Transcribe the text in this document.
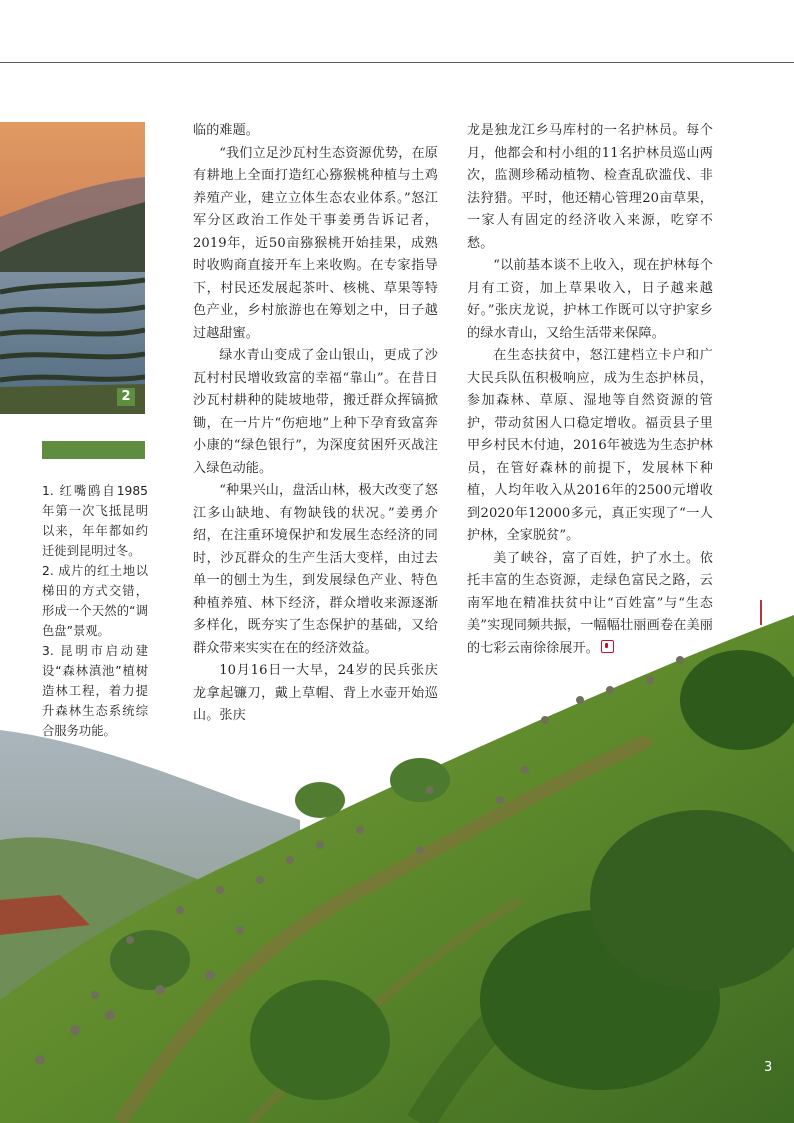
2
1. 红嘴鸥自1985年第一次飞抵昆明以来，年年都如约迁徙到昆明过冬。
2. 成片的红土地以梯田的方式交错，形成一个天然的“调色盘”景观。
3. 昆明市启动建设“森林滇池”植树造林工程，着力提升森林生态系统综合服务功能。

临的难题。

“我们立足沙瓦村生态资源优势，在原有耕地上全面打造红心猕猴桃种植与土鸡养殖产业，建立立体生态农业体系。”怒江军分区政治工作处干事姜勇告诉记者，2019年，近50亩猕猴桃开始挂果，成熟时收购商直接开车上来收购。在专家指导下，村民还发展起茶叶、核桃、草果等特色产业，乡村旅游也在筹划之中，日子越过越甜蜜。

绿水青山变成了金山银山，更成了沙瓦村村民增收致富的幸福“靠山”。在昔日沙瓦村耕种的陡坡地带，搬迁群众挥镐掀锄，在一片片“伤疤地”上种下孕育致富奔小康的“绿色银行”，为深度贫困歼灭战注入绿色动能。

“种果兴山，盘活山林，极大改变了怒江多山缺地、有物缺钱的状况。”姜勇介绍，在注重环境保护和发展生态经济的同时，沙瓦群众的生产生活大变样，由过去单一的刨土为生，到发展绿色产业、特色种植养殖、林下经济，群众增收来源逐渐多样化，既夯实了生态保护的基础，又给群众带来实实在在的经济效益。

10月16日一大早，24岁的民兵张庆龙拿起镰刀，戴上草帽、背上水壶开始巡山。张庆

龙是独龙江乡马库村的一名护林员。每个月，他都会和村小组的11名护林员巡山两次，监测珍稀动植物、检查乱砍滥伐、非法狩猎。平时，他还精心管理20亩草果，一家人有固定的经济收入来源，吃穿不愁。

“以前基本谈不上收入，现在护林每个月有工资，加上草果收入，日子越来越好。”张庆龙说，护林工作既可以守护家乡的绿水青山，又给生活带来保障。

在生态扶贫中，怒江建档立卡户和广大民兵队伍积极响应，成为生态护林员，参加森林、草原、湿地等自然资源的管护，带动贫困人口稳定增收。福贡县子里甲乡村民木付迪，2016年被选为生态护林员，在管好森林的前提下，发展林下种植，人均年收入从2016年的2500元增收到2020年12000多元，真正实现了“一人护林，全家脱贫”。

美了峡谷，富了百姓，护了水土。依托丰富的生态资源，走绿色富民之路，云南军地在精准扶贫中让“百姓富”与“生态美”实现同频共振，一幅幅壮丽画卷在美丽的七彩云南徐徐展开。

3
